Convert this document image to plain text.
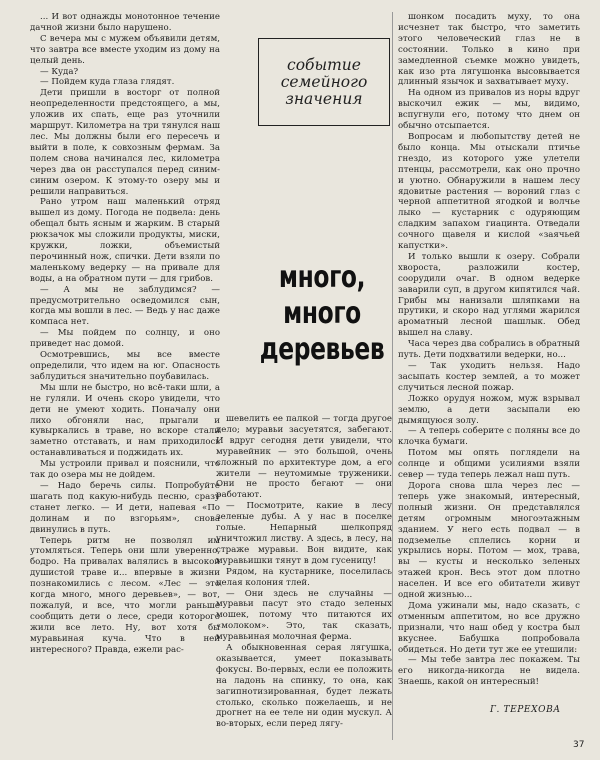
... И вот однажды монотонное течение дачной жизни было нарушено.

С вечера мы с мужем объявили детям, что завтра все вместе уходим из дому на целый день.

— Куда?

— Пойдем куда глаза глядят.

Дети пришли в восторг от полной неопределенности предстоящего, а мы, уложив их спать, еще раз уточнили маршрут. Километра на три тянулся наш лес. Мы должны были его пересечь и выйти в поле, к совхозным фермам. За полем снова начинался лес, километра через два он расступался перед синим-синим озером. К этому-то озеру мы и решили направиться.

Рано утром наш маленький отряд вышел из дому. Погода не подвела: день обещал быть ясным и жарким. В старый рюкзачок мы сложили продукты, миски, кружки, ложки, объемистый перочинный нож, спички. Дети взяли по маленькому ведерку — на привале для воды, а на обратном пути — для грибов.

— А мы не заблудимся? — предусмотрительно осведомился сын, когда мы вошли в лес. — Ведь у нас даже компаса нет.

— Мы пойдем по солнцу, и оно приведет нас домой.

Осмотревшись, мы все вместе определили, что идем на юг. Опасность заблудиться значительно поубавилась.

Мы шли не быстро, но всё-таки шли, а не гуляли. И очень скоро увидели, что дети не умеют ходить. Поначалу они лихо обгоняли нас, прыгали и кувыркались в траве, но вскоре стали заметно отставать, и нам приходилось останавливаться и поджидать их.

Мы устроили привал и пояснили, что так до озера мы не дойдем.

— Надо беречь силы. Попробуйте шагать под какую-нибудь песню, сразу станет легко. — И дети, напевая «По долинам и по взгорьям», снова двинулись в путь.

Теперь ритм не позволял им утомляться. Теперь они шли уверенно, бодро. На привалах валялись в высокой душистой траве и... впервые в жизни познакомились с лесом. «Лес — это когда много, много деревьев», — вот, пожалуй, и все, что могли раньше сообщить дети о лесе, среди которого жили все лето. Ну, вот хотя бы муравьиная куча. Что в ней интересного? Правда, ежели рас-

событие
семейного
значения
много,
много
деревьев

шевелить ее палкой — тогда другое дело; муравьи засуетятся, забегают. И вдруг сегодня дети увидели, что муравейник — это большой, очень сложный по архитектуре дом, а его жители — неутомимые труженики. Они не просто бегают — они работают.

— Посмотрите, какие в лесу зеленые дубы. А у нас в поселке голые. Непарный шелкопряд уничтожил листву. А здесь, в лесу, на страже муравьи. Вон видите, как муравьишки тянут в дом гусеницу!

Рядом, на кустарнике, поселилась целая колония тлей.

— Они здесь не случайны — муравьи пасут это стадо зеленых мошек, потому что питаются их «молоком». Это, так сказать, муравьиная молочная ферма.

А обыкновенная серая лягушка, оказывается, умеет показывать фокусы. Во-первых, если ее положить на ладонь на спинку, то она, как загипнотизированная, будет лежать столько, сколько пожелаешь, и не дрогнет на ее теле ни один мускул. А во-вторых, если перед лягу-

шонком посадить муху, то она исчезнет так быстро, что заметить этого человеческий глаз не в состоянии. Только в кино при замедленной съемке можно увидеть, как изо рта лягушонка высовывается длинный язычок и захватывает муху.

На одном из привалов из норы вдруг выскочил ежик — мы, видимо, вспугнули его, потому что днем он обычно отсыпается.

Вопросам и любопытству детей не было конца. Мы отыскали птичье гнездо, из которого уже улетели птенцы, рассмотрели, как оно прочно и уютно. Обнаружили в нашем лесу ядовитые растения — вороний глаз с черной аппетитной ягодкой и волчье лыко — кустарник с одуряющим сладким запахом гиацинта. Отведали сочного щавеля и кислой «заячьей капустки».

И только вышли к озеру. Собрали хвороста, разложили костер, соорудили очаг. В одном ведерке заварили суп, в другом кипятился чай. Грибы мы нанизали шляпками на прутики, и скоро над углями жарился ароматный лесной шашлык. Обед вышел на славу.

Часа через два собрались в обратный путь. Дети подхватили ведерки, но...

— Так уходить нельзя. Надо засыпать костер землей, а то может случиться лесной пожар.

Ложко орудуя ножом, муж взрывал землю, а дети засыпали ею дымящуюся золу.

— А теперь соберите с поляны все до клочка бумаги.

Потом мы опять поглядели на солнце и общими усилиями взяли север — туда теперь лежал наш путь.

Дорога снова шла через лес — теперь уже знакомый, интересный, полный жизни. Он представлялся детям огромным многоэтажным зданием. У него есть подвал — в подземелье сплелись корни и укрылись норы. Потом — мох, трава, вы — кусты и несколько зеленых этажей крон. Весь этот дом плотно населен. И все его обитатели живут одной жизнью...

Дома ужинали мы, надо сказать, с отменным аппетитом, но все дружно признали, что наш обед у костра был вкуснее. Бабушка попробовала обидеться. Но дети тут же ее утешили:

— Мы тебе завтра лес покажем. Ты его никогда-никогда не видела. Знаешь, какой он интересный!

Г. ТЕРЕХОВА
37
